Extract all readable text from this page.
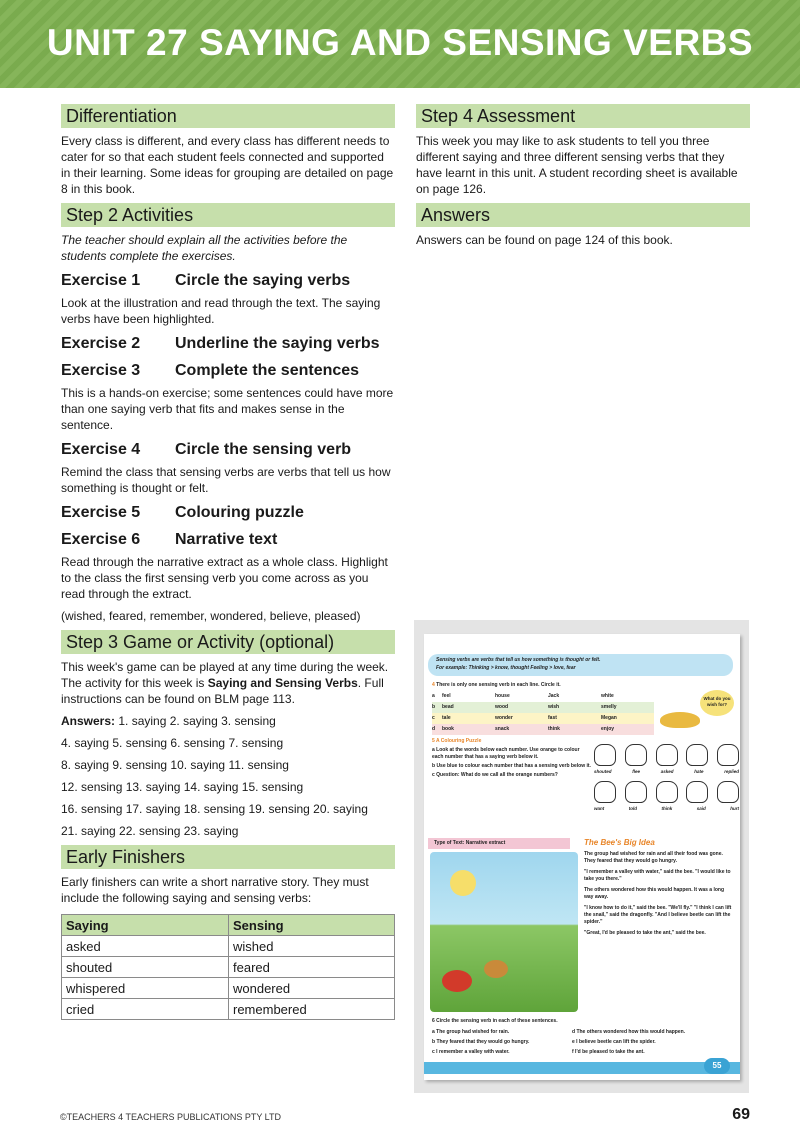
UNIT 27 SAYING AND SENSING VERBS
Differentiation

Every class is different, and every class has different needs to cater for so that each student feels connected and supported in their learning. Some ideas for grouping are detailed on page 8 in this book.

Step 2 Activities

The teacher should explain all the activities before the students complete the exercises.

Exercise 1	Circle the saying verbs

Look at the illustration and read through the text. The saying verbs have been highlighted.

Exercise 2	Underline the saying verbs
Exercise 3	Complete the sentences

This is a hands-on exercise; some sentences could have more than one saying verb that fits and makes sense in the sentence.

Exercise 4	Circle the sensing verb

Remind the class that sensing verbs are verbs that tell us how something is thought or felt.

Exercise 5	Colouring puzzle
Exercise 6	Narrative text

Read through the narrative extract as a whole class. Highlight to the class the first sensing verb you come across as you read through the extract.

(wished, feared, remember, wondered, believe, pleased)

Step 3 Game or Activity (optional)

This week's game can be played at any time during the week. The activity for this week is Saying and Sensing Verbs. Full instructions can be found on BLM page 113.

Answers: 1. saying 2. saying 3. sensing

4. saying 5. sensing 6. sensing 7. sensing

8. saying 9. sensing 10. saying 11. sensing

12. sensing 13. saying 14. saying 15. sensing

16. sensing 17. saying 18. sensing 19. sensing 20. saying

21. saying 22. sensing 23. saying

Early Finishers

Early finishers can write a short narrative story. They must include the following saying and sensing verbs:

Saying	Sensing
asked	wished
shouted	feared
whispered	wondered
cried	remembered
Step 4 Assessment

This week you may like to ask students to tell you three different saying and three different sensing verbs that they have learnt in this unit. A student recording sheet is available on page 126.

Answers

Answers can be found on page 124 of this book.

Sensing verbs are verbs that tell us how something is thought or felt.
For example: Thinking > know, thought Feeling > love, fear
4 There is only one sensing verb in each line. Circle it.
a	feel	house	Jack	white
b	bead	wood	wish	smelly
c	tale	wonder	fast	Megan
d	book	snack	think	enjoy
What do you wish for?
5 A Colouring Puzzle
a Look at the words below each number. Use orange to colour each number that has a saying verb below it.
b Use blue to colour each number that has a sensing verb below it.
c Question: What do we call all the orange numbers?
shouted	flee	asked	hate	replied
want	told	think	said	hurt
Type of Text: Narrative extract	The Bee's Big Idea
The group had wished for rain and all their food was gone. They feared that they would go hungry.
"I remember a valley with water," said the bee. "I would like to take you there."
The others wondered how this would happen. It was a long way away.
"I know how to do it," said the bee. "We'll fly." "I think I can lift the snail," said the dragonfly. "And I believe beetle can lift the spider."
"Great, I'd be pleased to take the ant," said the bee.
6 Circle the sensing verb in each of these sentences.
a The group had wished for rain.	d The others wondered how this would happen.
b They feared that they would go hungry.	e I believe beetle can lift the spider.
c I remember a valley with water.	f I'd be pleased to take the ant.
55
©TEACHERS 4 TEACHERS PUBLICATIONS PTY LTD	69
